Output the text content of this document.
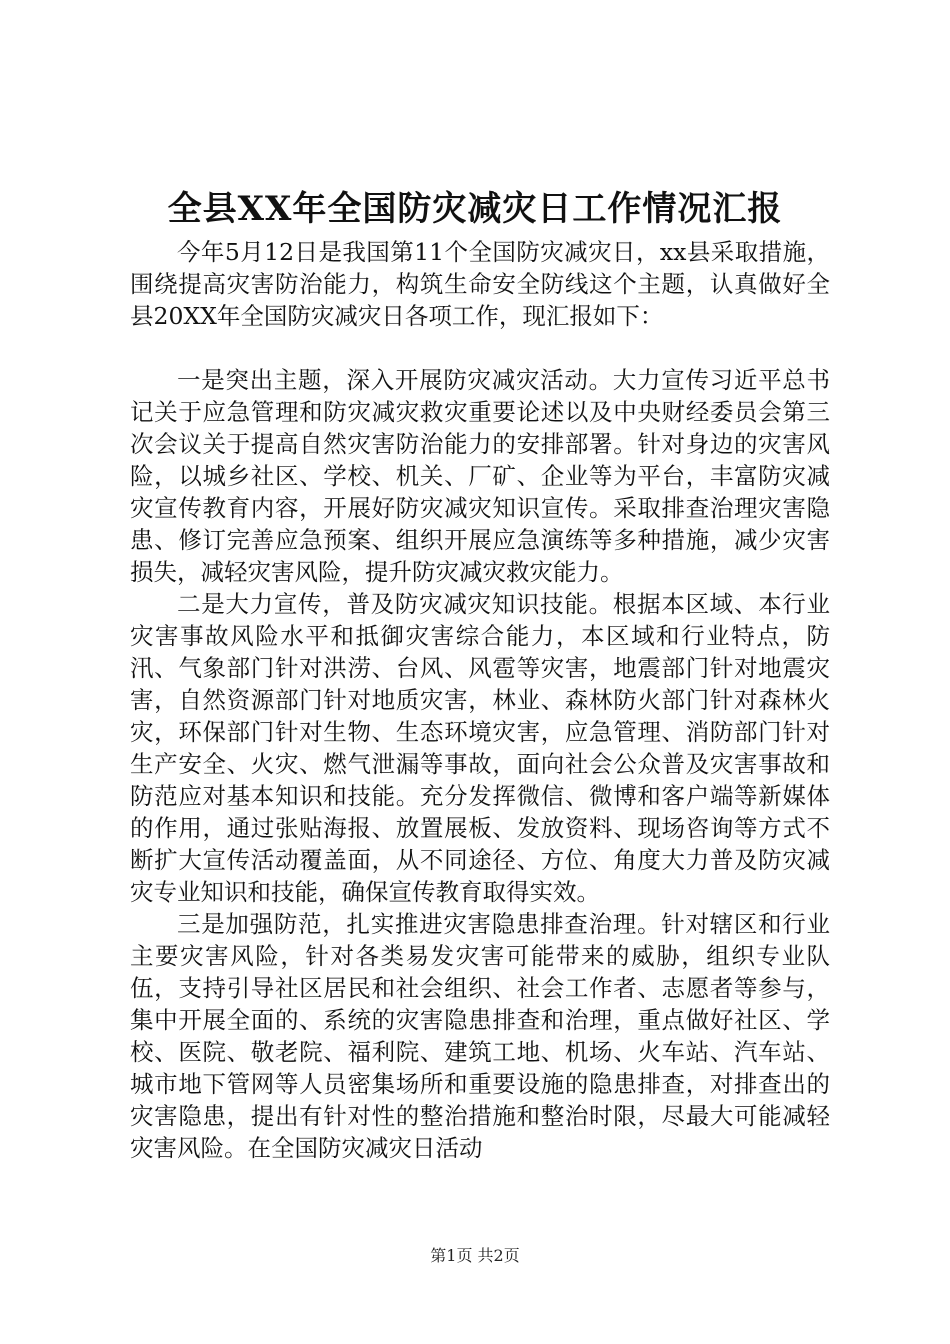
全县XX年全国防灾减灾日工作情况汇报

今年5月12日是我国第11个全国防灾减灾日，xx县采取措施，围绕提高灾害防治能力，构筑生命安全防线这个主题，认真做好全县20XX年全国防灾减灾日各项工作，现汇报如下：

一是突出主题，深入开展防灾减灾活动。大力宣传习近平总书记关于应急管理和防灾减灾救灾重要论述以及中央财经委员会第三次会议关于提高自然灾害防治能力的安排部署。针对身边的灾害风险，以城乡社区、学校、机关、厂矿、企业等为平台，丰富防灾减灾宣传教育内容，开展好防灾减灾知识宣传。采取排查治理灾害隐患、修订完善应急预案、组织开展应急演练等多种措施，减少灾害损失，减轻灾害风险，提升防灾减灾救灾能力。

二是大力宣传，普及防灾减灾知识技能。根据本区域、本行业灾害事故风险水平和抵御灾害综合能力，本区域和行业特点，防汛、气象部门针对洪涝、台风、风雹等灾害，地震部门针对地震灾害，自然资源部门针对地质灾害，林业、森林防火部门针对森林火灾，环保部门针对生物、生态环境灾害，应急管理、消防部门针对生产安全、火灾、燃气泄漏等事故，面向社会公众普及灾害事故和防范应对基本知识和技能。充分发挥微信、微博和客户端等新媒体的作用，通过张贴海报、放置展板、发放资料、现场咨询等方式不断扩大宣传活动覆盖面，从不同途径、方位、角度大力普及防灾减灾专业知识和技能，确保宣传教育取得实效。

三是加强防范，扎实推进灾害隐患排查治理。针对辖区和行业主要灾害风险，针对各类易发灾害可能带来的威胁，组织专业队伍，支持引导社区居民和社会组织、社会工作者、志愿者等参与，集中开展全面的、系统的灾害隐患排查和治理，重点做好社区、学校、医院、敬老院、福利院、建筑工地、机场、火车站、汽车站、城市地下管网等人员密集场所和重要设施的隐患排查，对排查出的灾害隐患，提出有针对性的整治措施和整治时限，尽最大可能减轻灾害风险。在全国防灾减灾日活动

第1页 共2页
